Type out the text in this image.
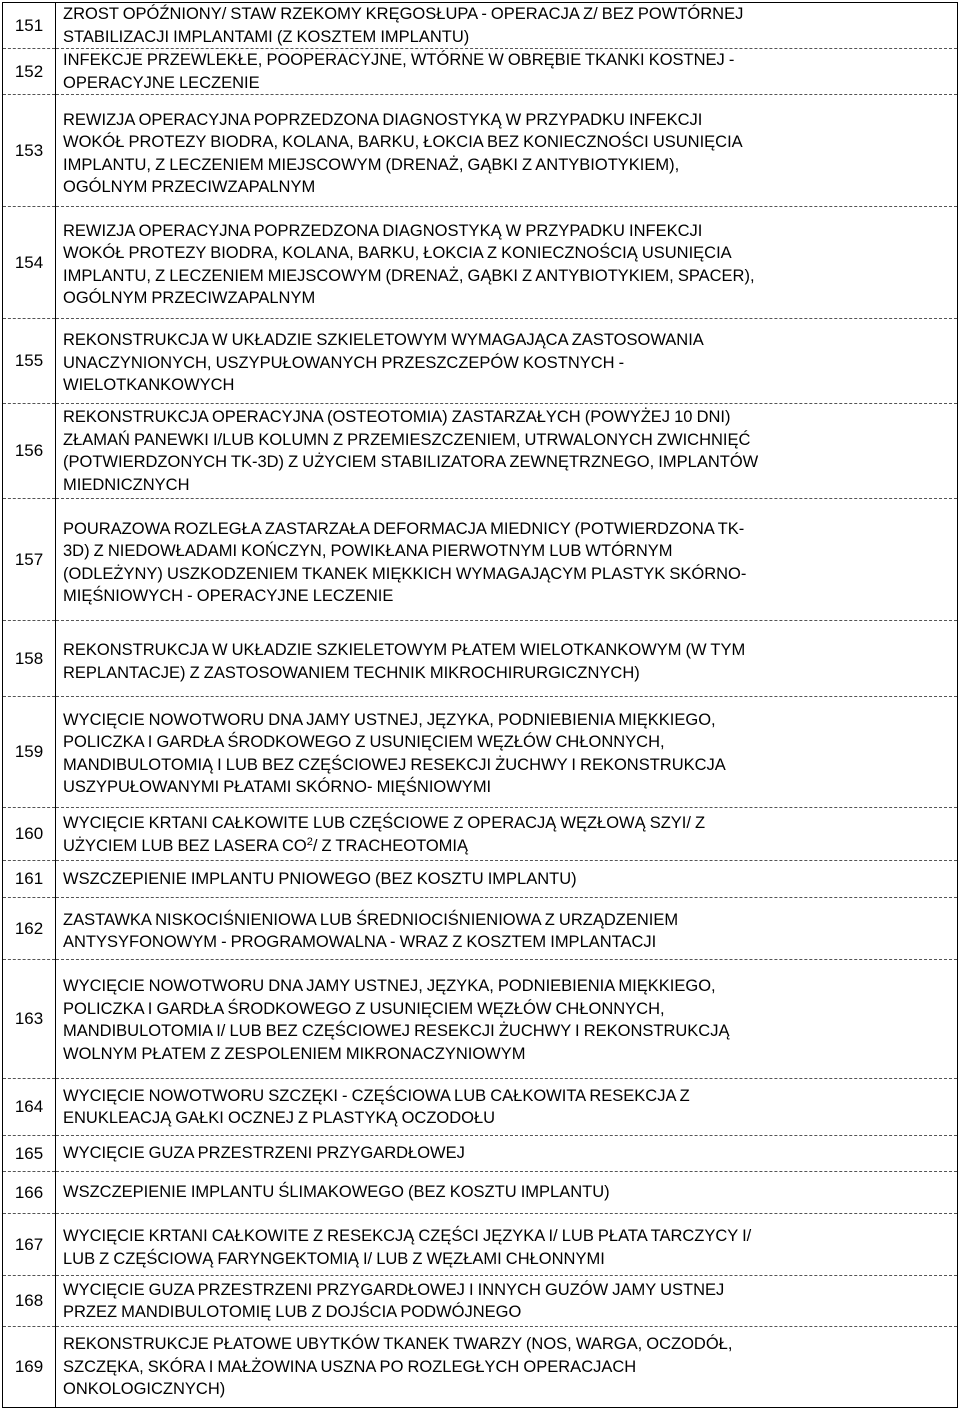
151	ZROST OPÓŹNIONY/ STAW RZEKOMY KRĘGOSŁUPA - OPERACJA Z/ BEZ POWTÓRNEJ
STABILIZACJI IMPLANTAMI (Z KOSZTEM IMPLANTU)

152	INFEKCJE PRZEWLEKŁE, POOPERACYJNE, WTÓRNE W OBRĘBIE TKANKI KOSTNEJ -
OPERACYJNE LECZENIE

153	REWIZJA OPERACYJNA POPRZEDZONA DIAGNOSTYKĄ W PRZYPADKU INFEKCJI
WOKÓŁ PROTEZY BIODRA, KOLANA, BARKU, ŁOKCIA BEZ KONIECZNOŚCI USUNIĘCIA
IMPLANTU, Z LECZENIEM MIEJSCOWYM (DRENAŻ, GĄBKI Z ANTYBIOTYKIEM),
OGÓLNYM PRZECIWZAPALNYM

154	REWIZJA OPERACYJNA POPRZEDZONA DIAGNOSTYKĄ W PRZYPADKU INFEKCJI
WOKÓŁ PROTEZY BIODRA, KOLANA, BARKU, ŁOKCIA Z KONIECZNOŚCIĄ USUNIĘCIA
IMPLANTU, Z LECZENIEM MIEJSCOWYM (DRENAŻ, GĄBKI Z ANTYBIOTYKIEM, SPACER),
OGÓLNYM PRZECIWZAPALNYM

155	REKONSTRUKCJA W UKŁADZIE SZKIELETOWYM WYMAGAJĄCA ZASTOSOWANIA
UNACZYNIONYCH, USZYPUŁOWANYCH PRZESZCZEPÓW KOSTNYCH -
WIELOTKANKOWYCH

156	REKONSTRUKCJA OPERACYJNA (OSTEOTOMIA) ZASTARZAŁYCH (POWYŻEJ 10 DNI)
ZŁAMAŃ PANEWKI I/LUB KOLUMN Z PRZEMIESZCZENIEM, UTRWALONYCH ZWICHNIĘĆ
(POTWIERDZONYCH TK-3D) Z UŻYCIEM STABILIZATORA ZEWNĘTRZNEGO, IMPLANTÓW
MIEDNICZNYCH

157	POURAZOWA ROZLEGŁA ZASTARZAŁA DEFORMACJA MIEDNICY (POTWIERDZONA TK-
3D) Z NIEDOWŁADAMI KOŃCZYN, POWIKŁANA PIERWOTNYM LUB WTÓRNYM
(ODLEŻYNY) USZKODZENIEM TKANEK MIĘKKICH WYMAGAJĄCYM PLASTYK SKÓRNO-
MIĘŚNIOWYCH - OPERACYJNE LECZENIE

158	REKONSTRUKCJA W UKŁADZIE SZKIELETOWYM PŁATEM WIELOTKANKOWYM (W TYM
REPLANTACJE) Z ZASTOSOWANIEM TECHNIK MIKROCHIRURGICZNYCH)

159	WYCIĘCIE NOWOTWORU DNA JAMY USTNEJ, JĘZYKA, PODNIEBIENIA MIĘKKIEGO,
POLICZKA I GARDŁA ŚRODKOWEGO Z USUNIĘCIEM WĘZŁÓW CHŁONNYCH,
MANDIBULOTOMIĄ I LUB BEZ CZĘŚCIOWEJ RESEKCJI ŻUCHWY I REKONSTRUKCJA
USZYPUŁOWANYMI PŁATAMI SKÓRNO- MIĘŚNIOWYMI

160	WYCIĘCIE KRTANI CAŁKOWITE LUB CZĘŚCIOWE Z OPERACJĄ WĘZŁOWĄ SZYI/ Z
UŻYCIEM LUB BEZ LASERA $CO^2/$ Z TRACHEOTOMIĄ

161	WSZCZEPIENIE IMPLANTU PNIOWEGO (BEZ KOSZTU IMPLANTU)

162	ZASTAWKA NISKOCIŚNIENIOWA LUB ŚREDNIOCIŚNIENIOWA Z URZĄDZENIEM
ANTYSYFONOWYM - PROGRAMOWALNA - WRAZ Z KOSZTEM IMPLANTACJI

163	WYCIĘCIE NOWOTWORU DNA JAMY USTNEJ, JĘZYKA, PODNIEBIENIA MIĘKKIEGO,
POLICZKA I GARDŁA ŚRODKOWEGO Z USUNIĘCIEM WĘZŁÓW CHŁONNYCH,
MANDIBULOTOMIA I/ LUB BEZ CZĘŚCIOWEJ RESEKCJI ŻUCHWY I REKONSTRUKCJĄ
WOLNYM PŁATEM Z ZESPOLENIEM MIKRONACZYNIOWYM

164	WYCIĘCIE NOWOTWORU SZCZĘKI - CZĘŚCIOWA LUB CAŁKOWITA RESEKCJA Z
ENUKLEACJĄ GAŁKI OCZNEJ Z PLASTYKĄ OCZODOŁU

165	WYCIĘCIE GUZA PRZESTRZENI PRZYGARDŁOWEJ

166	WSZCZEPIENIE IMPLANTU ŚLIMAKOWEGO (BEZ KOSZTU IMPLANTU)

167	WYCIĘCIE KRTANI CAŁKOWITE Z RESEKCJĄ CZĘŚCI JĘZYKA I/ LUB PŁATA TARCZYCY I/
LUB Z CZĘŚCIOWĄ FARYNGEKTOMIĄ I/ LUB Z WĘZŁAMI CHŁONNYMI

168	WYCIĘCIE GUZA PRZESTRZENI PRZYGARDŁOWEJ I INNYCH GUZÓW JAMY USTNEJ
PRZEZ MANDIBULOTOMIĘ LUB Z DOJŚCIA PODWÓJNEGO

169	REKONSTRUKCJE PŁATOWE UBYTKÓW TKANEK TWARZY (NOS, WARGA, OCZODÓŁ,
SZCZĘKA, SKÓRA I MAŁŻOWINA USZNA PO ROZLEGŁYCH OPERACJACH
ONKOLOGICZNYCH)
